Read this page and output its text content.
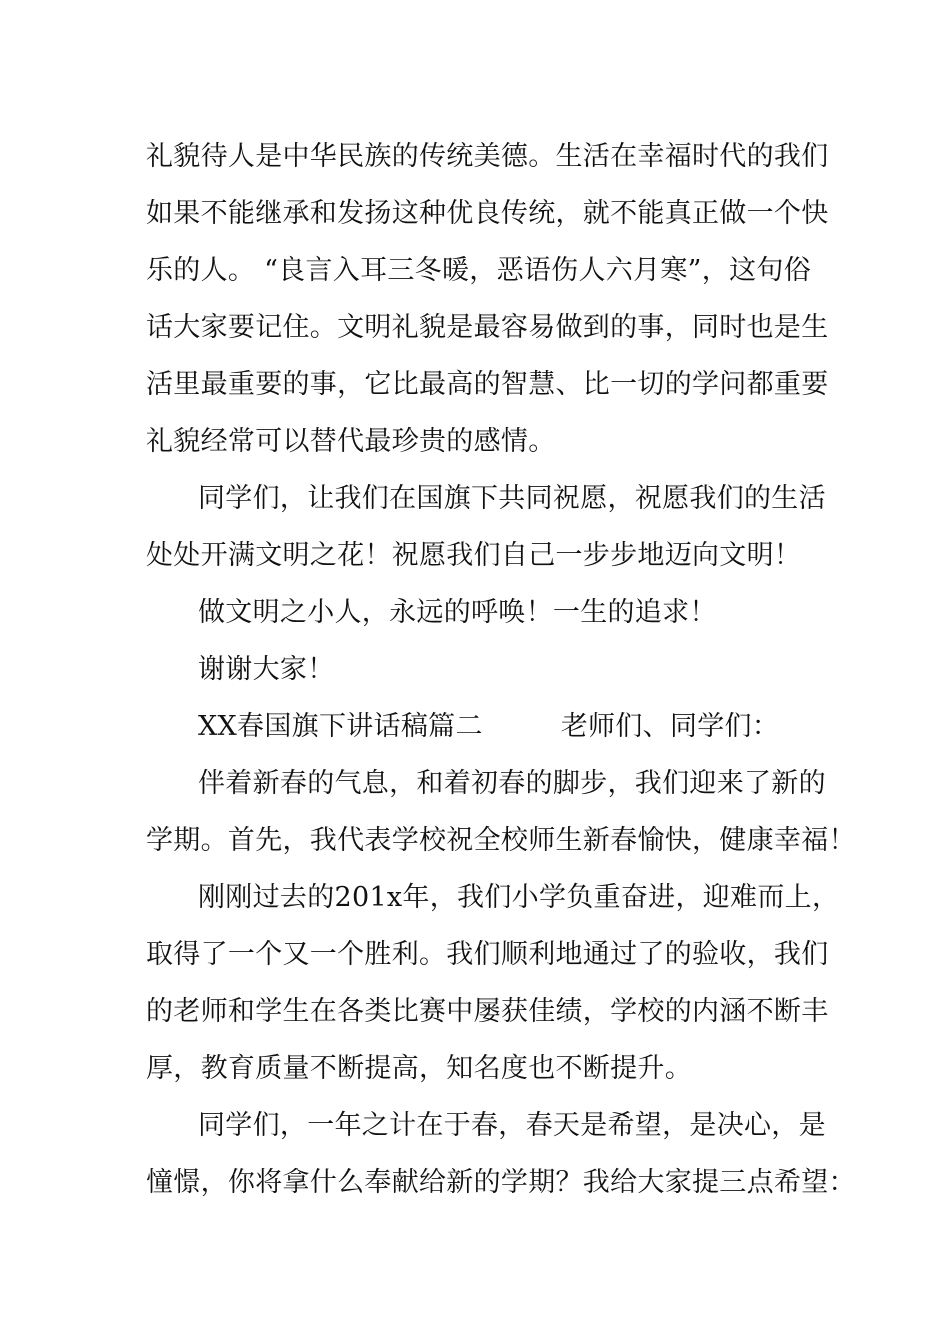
礼貌待人是中华民族的传统美德。生活在幸福时代的我们
如果不能继承和发扬这种优良传统，就不能真正做一个快
乐的人。 “良言入耳三冬暖，恶语伤人六月寒”，这句俗
话大家要记住。文明礼貌是最容易做到的事，同时也是生
活里最重要的事，它比最高的智慧、比一切的学问都重要
礼貌经常可以替代最珍贵的感情。
同学们，让我们在国旗下共同祝愿，祝愿我们的生活
处处开满文明之花！祝愿我们自己一步步地迈向文明！
做文明之小人，永远的呼唤！一生的追求！
谢谢大家！
XX春国旗下讲话稿篇二	老师们、同学们：
伴着新春的气息，和着初春的脚步，我们迎来了新的
学期。首先，我代表学校祝全校师生新春愉快，健康幸福！
刚刚过去的201x年，我们小学负重奋进，迎难而上，
取得了一个又一个胜利。我们顺利地通过了的验收，我们
的老师和学生在各类比赛中屡获佳绩，学校的内涵不断丰
厚，教育质量不断提高，知名度也不断提升。
同学们，一年之计在于春，春天是希望，是决心，是
憧憬，你将拿什么奉献给新的学期？我给大家提三点希望：
